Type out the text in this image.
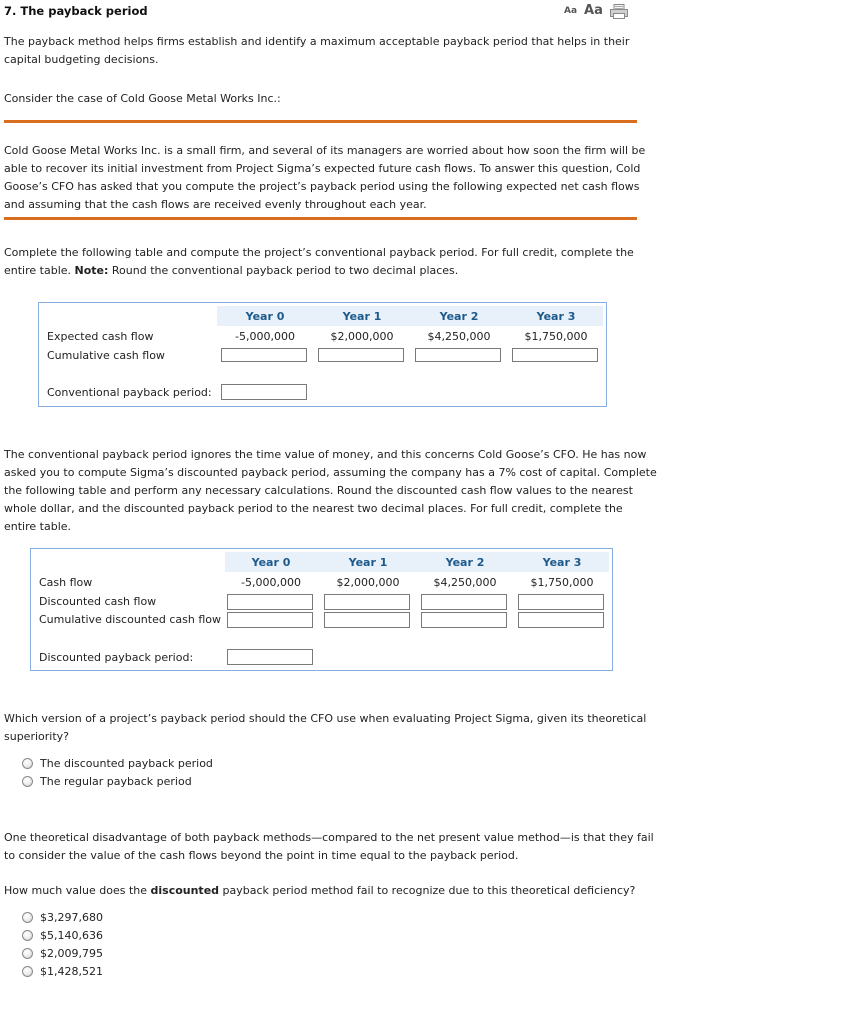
7. The payback period	Aa Aa

The payback method helps firms establish and identify a maximum acceptable payback period that helps in their

capital budgeting decisions.

Consider the case of Cold Goose Metal Works Inc.:

Cold Goose Metal Works Inc. is a small firm, and several of its managers are worried about how soon the firm will be

able to recover its initial investment from Project Sigma’s expected future cash flows. To answer this question, Cold

Goose’s CFO has asked that you compute the project’s payback period using the following expected net cash flows

and assuming that the cash flows are received evenly throughout each year.

Complete the following table and compute the project’s conventional payback period. For full credit, complete the

entire table. Note: Round the conventional payback period to two decimal places.

Year 0	Year 1	Year 2	Year 3
Expected cash flow	-5,000,000	$2,000,000	$4,250,000	$1,750,000
Cumulative cash flow
Conventional payback period:

The conventional payback period ignores the time value of money, and this concerns Cold Goose’s CFO. He has now

asked you to compute Sigma’s discounted payback period, assuming the company has a 7% cost of capital. Complete

the following table and perform any necessary calculations. Round the discounted cash flow values to the nearest

whole dollar, and the discounted payback period to the nearest two decimal places. For full credit, complete the

entire table.

Year 0	Year 1	Year 2	Year 3
Cash flow	-5,000,000	$2,000,000	$4,250,000	$1,750,000
Discounted cash flow
Cumulative discounted cash flow
Discounted payback period:

Which version of a project’s payback period should the CFO use when evaluating Project Sigma, given its theoretical

superiority?

The discounted payback period
The regular payback period

One theoretical disadvantage of both payback methods—compared to the net present value method—is that they fail

to consider the value of the cash flows beyond the point in time equal to the payback period.

How much value does the discounted payback period method fail to recognize due to this theoretical deficiency?

$3,297,680
$5,140,636
$2,009,795
$1,428,521
